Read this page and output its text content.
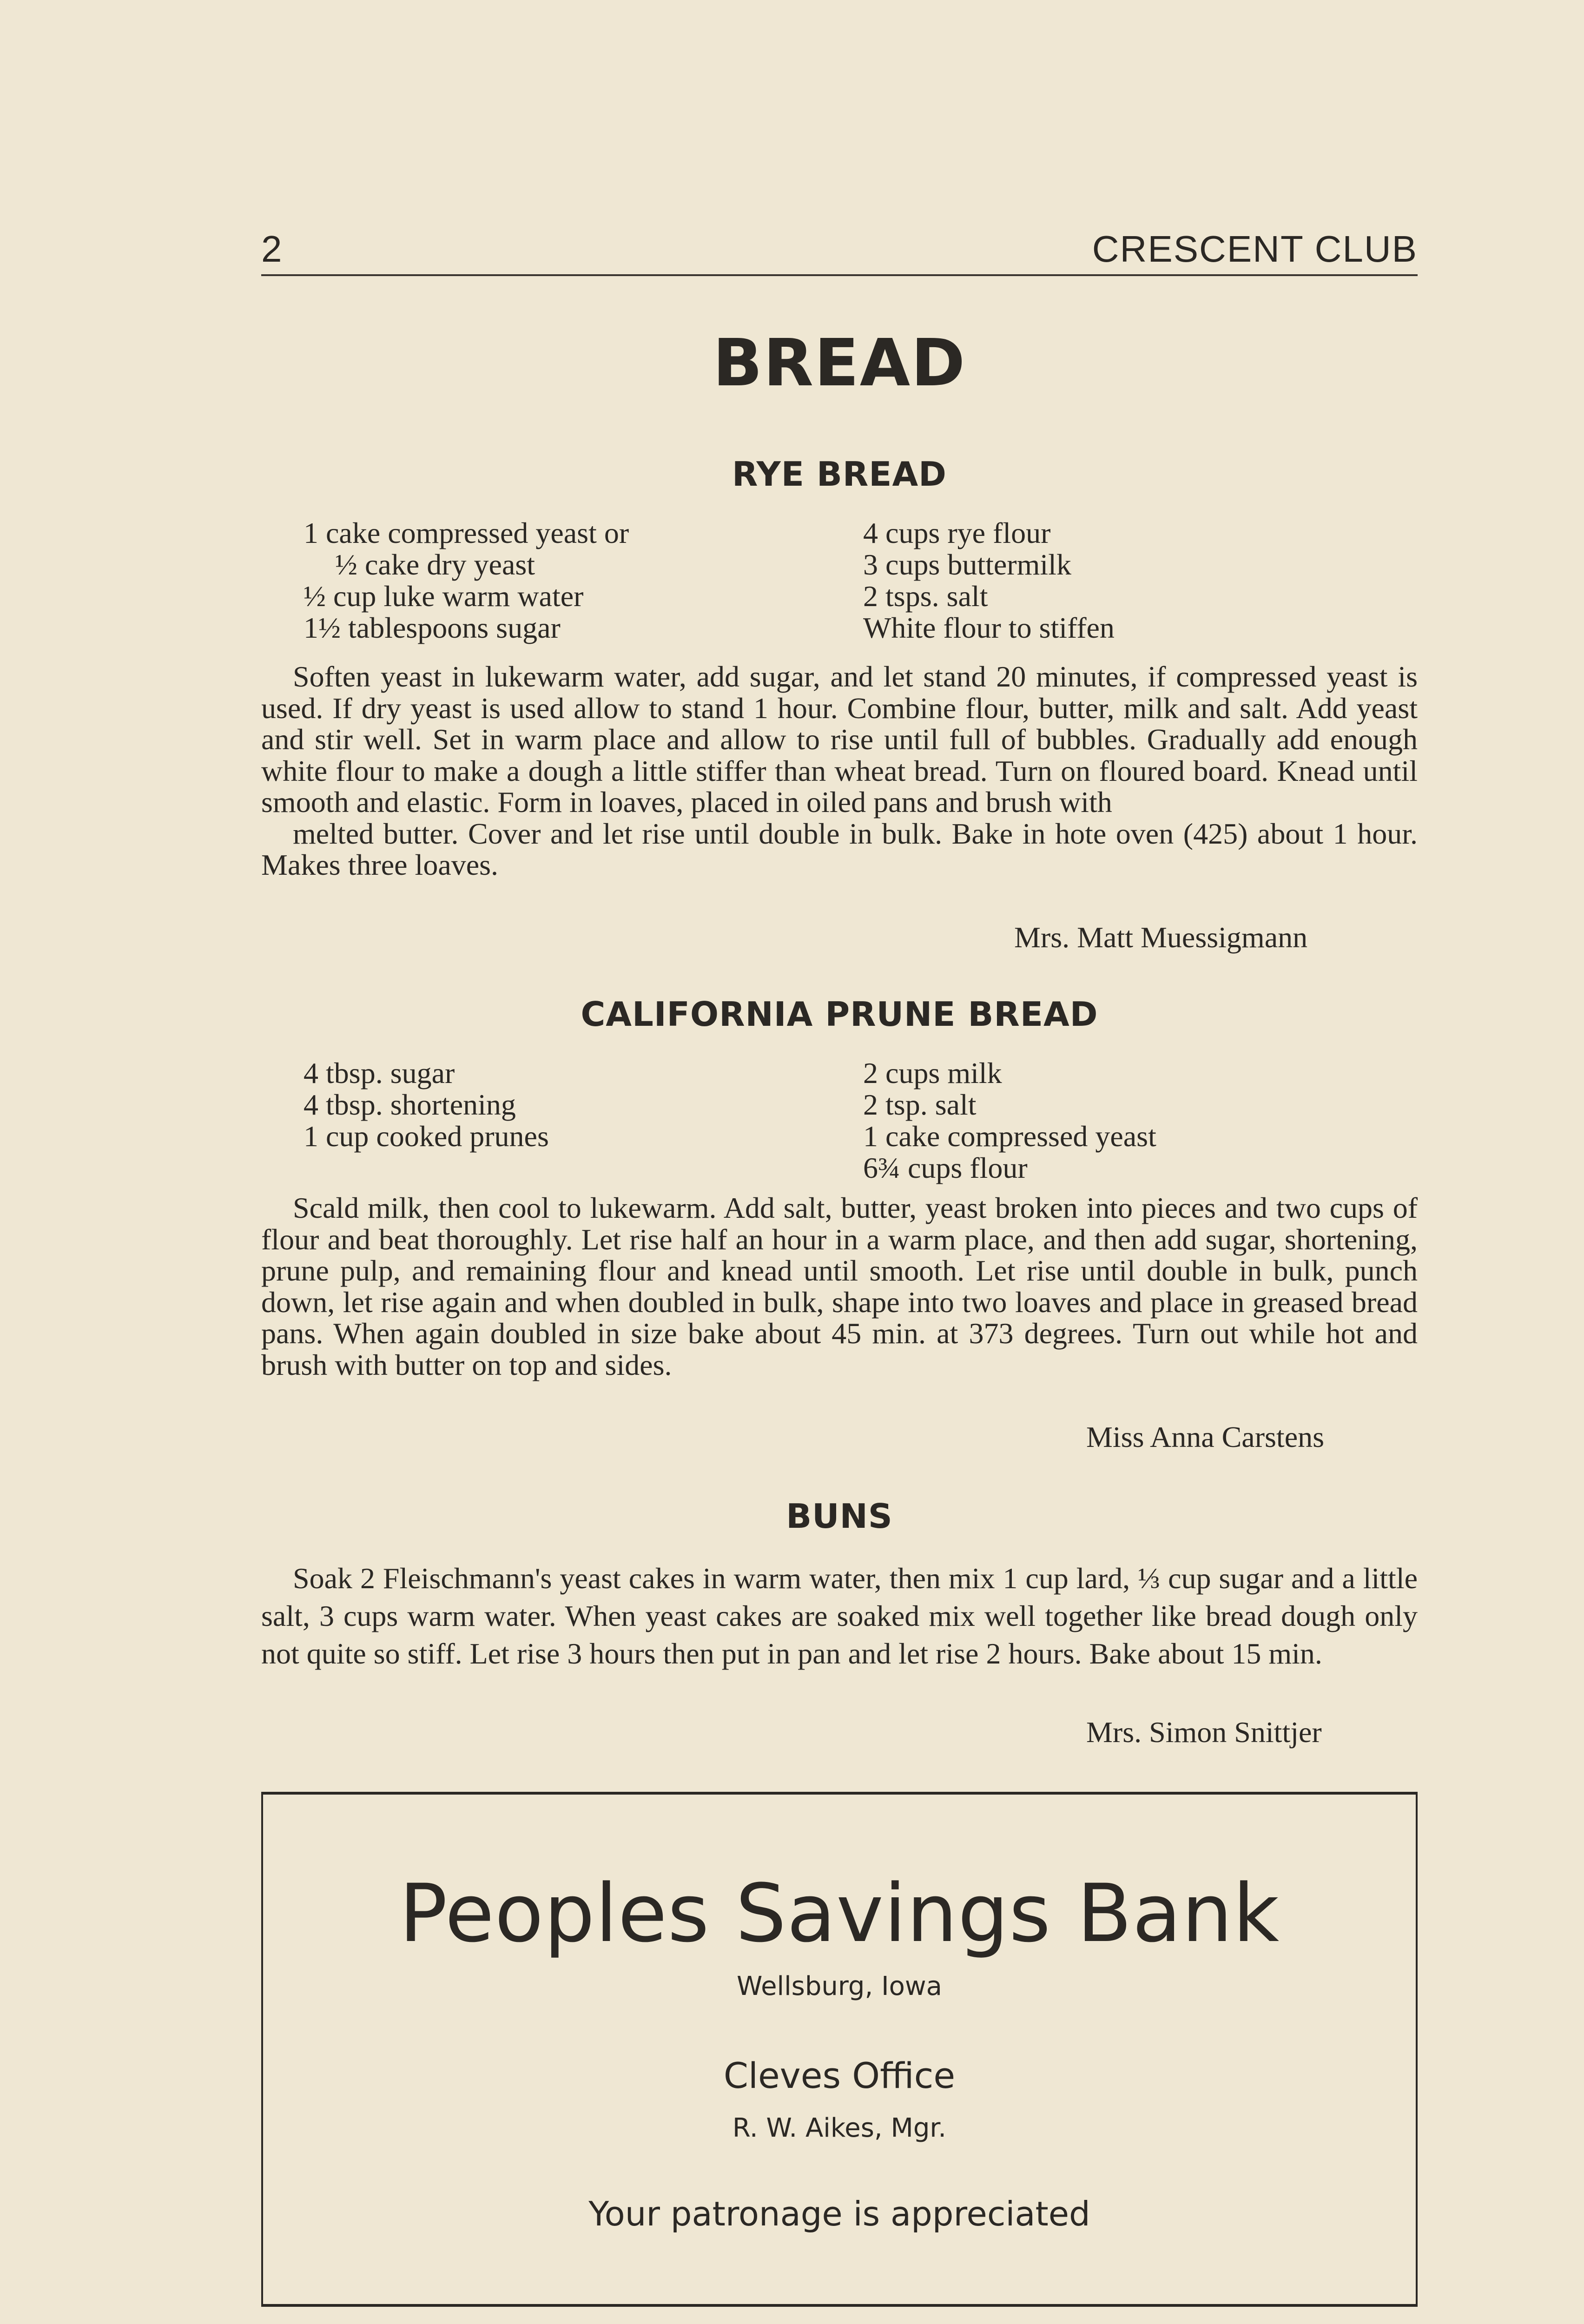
2	CRESCENT CLUB
BREAD
RYE BREAD
1 cake compressed yeast or
½ cake dry yeast
½ cup luke warm water
1½ tablespoons sugar
4 cups rye flour
3 cups buttermilk
2 tsps. salt
White flour to stiffen

Soften yeast in lukewarm water, add sugar, and let stand 20 minutes, if compressed yeast is used. If dry yeast is used allow to stand 1 hour. Combine flour, butter, milk and salt. Add yeast and stir well. Set in warm place and allow to rise until full of bubbles. Gradually add enough white flour to make a dough a little stiffer than wheat bread. Turn on floured board. Knead until smooth and elastic. Form in loaves, placed in oiled pans and brush with

melted butter. Cover and let rise until double in bulk. Bake in hote oven (425) about 1 hour. Makes three loaves.

Mrs. Matt Muessigmann
CALIFORNIA PRUNE BREAD
4 tbsp. sugar
4 tbsp. shortening
1 cup cooked prunes
2 cups milk
2 tsp. salt
1 cake compressed yeast
6¾ cups flour

Scald milk, then cool to lukewarm. Add salt, butter, yeast broken into pieces and two cups of flour and beat thoroughly. Let rise half an hour in a warm place, and then add sugar, shortening, prune pulp, and remaining flour and knead until smooth. Let rise until double in bulk, punch down, let rise again and when doubled in bulk, shape into two loaves and place in greased bread pans. When again doubled in size bake about 45 min. at 373 degrees. Turn out while hot and brush with butter on top and sides.

Miss Anna Carstens
BUNS

Soak 2 Fleischmann's yeast cakes in warm water, then mix 1 cup lard, ⅓ cup sugar and a little salt, 3 cups warm water. When yeast cakes are soaked mix well together like bread dough only not quite so stiff. Let rise 3 hours then put in pan and let rise 2 hours. Bake about 15 min.

Mrs. Simon Snittjer
Peoples Savings Bank
Wellsburg, Iowa
Cleves Office
R. W. Aikes, Mgr.
Your patronage is appreciated
